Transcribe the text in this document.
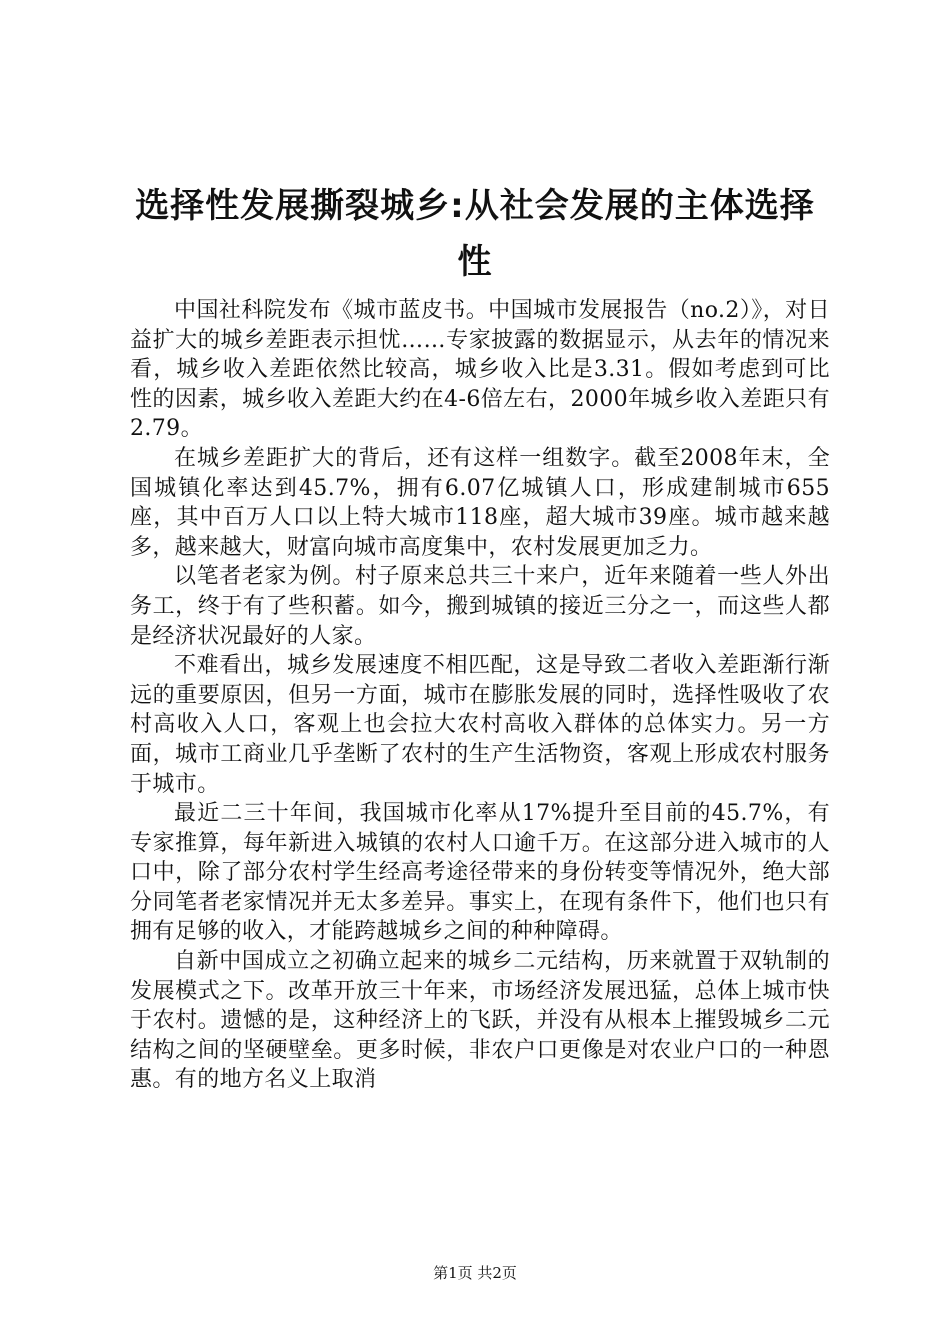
选择性发展撕裂城乡:从社会发展的主体选择性

中国社科院发布《城市蓝皮书。中国城市发展报告（no.2）》，对日益扩大的城乡差距表示担忧……专家披露的数据显示，从去年的情况来看，城乡收入差距依然比较高，城乡收入比是3.31。假如考虑到可比性的因素，城乡收入差距大约在4-6倍左右，2000年城乡收入差距只有2.79。

在城乡差距扩大的背后，还有这样一组数字。截至2008年末，全国城镇化率达到45.7%，拥有6.07亿城镇人口，形成建制城市655座，其中百万人口以上特大城市118座，超大城市39座。城市越来越多，越来越大，财富向城市高度集中，农村发展更加乏力。

以笔者老家为例。村子原来总共三十来户，近年来随着一些人外出务工，终于有了些积蓄。如今，搬到城镇的接近三分之一，而这些人都是经济状况最好的人家。

不难看出，城乡发展速度不相匹配，这是导致二者收入差距渐行渐远的重要原因，但另一方面，城市在膨胀发展的同时，选择性吸收了农村高收入人口，客观上也会拉大农村高收入群体的总体实力。另一方面，城市工商业几乎垄断了农村的生产生活物资，客观上形成农村服务于城市。

最近二三十年间，我国城市化率从17%提升至目前的45.7%，有专家推算，每年新进入城镇的农村人口逾千万。在这部分进入城市的人口中，除了部分农村学生经高考途径带来的身份转变等情况外，绝大部分同笔者老家情况并无太多差异。事实上，在现有条件下，他们也只有拥有足够的收入，才能跨越城乡之间的种种障碍。

自新中国成立之初确立起来的城乡二元结构，历来就置于双轨制的发展模式之下。改革开放三十年来，市场经济发展迅猛，总体上城市快于农村。遗憾的是，这种经济上的飞跃，并没有从根本上摧毁城乡二元结构之间的坚硬壁垒。更多时候，非农户口更像是对农业户口的一种恩惠。有的地方名义上取消

第1页 共2页
